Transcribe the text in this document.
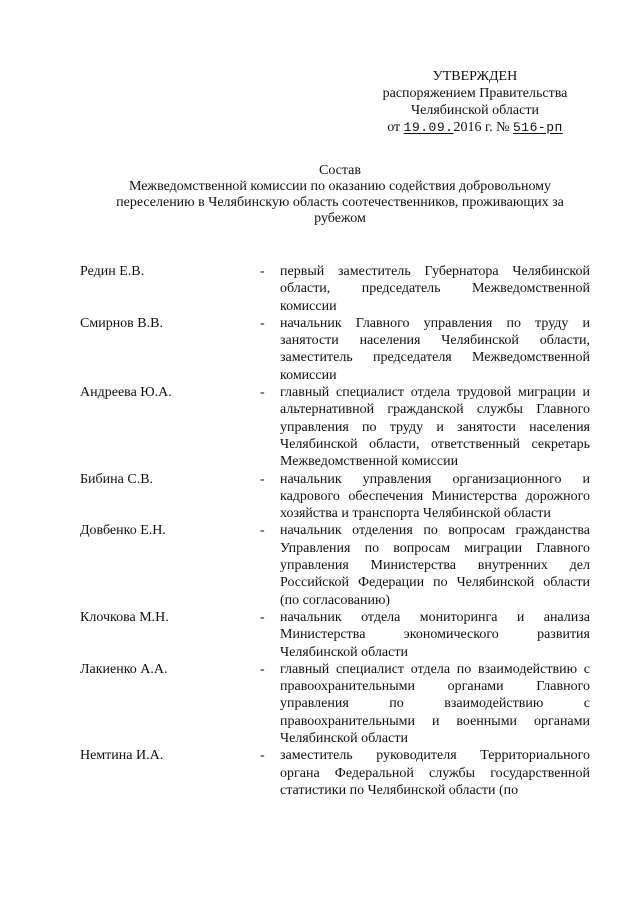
УТВЕРЖДЕН
распоряжением Правительства
Челябинской области
от 19.09.2016 г. № 516-рп
Состав
Межведомственной комиссии по оказанию содействия добровольному переселению в Челябинскую область соотечественников, проживающих за рубежом
Редин Е.В.	-	первый заместитель Губернатора Челябинской области, председатель Межведомственной комиссии
Смирнов В.В.	-	начальник Главного управления по труду и занятости населения Челябинской области, заместитель председателя Межведомственной комиссии
Андреева Ю.А.	-	главный специалист отдела трудовой миграции и альтернативной гражданской службы Главного управления по труду и занятости населения Челябинской области, ответственный секретарь Межведомственной комиссии
Бибина С.В.	-	начальник управления организационного и кадрового обеспечения Министерства дорожного хозяйства и транспорта Челябинской области
Довбенко Е.Н.	-	начальник отделения по вопросам гражданства Управления по вопросам миграции Главного управления Министерства внутренних дел Российской Федерации по Челябинской области (по согласованию)
Клочкова М.Н.	-	начальник отдела мониторинга и анализа Министерства экономического развития Челябинской области
Лакиенко А.А.	-	главный специалист отдела по взаимодействию с правоохранительными органами Главного управления по взаимодействию с правоохранительными и военными органами Челябинской области
Немтина И.А.	-	заместитель руководителя Территориального органа Федеральной службы государственной статистики по Челябинской области (по
